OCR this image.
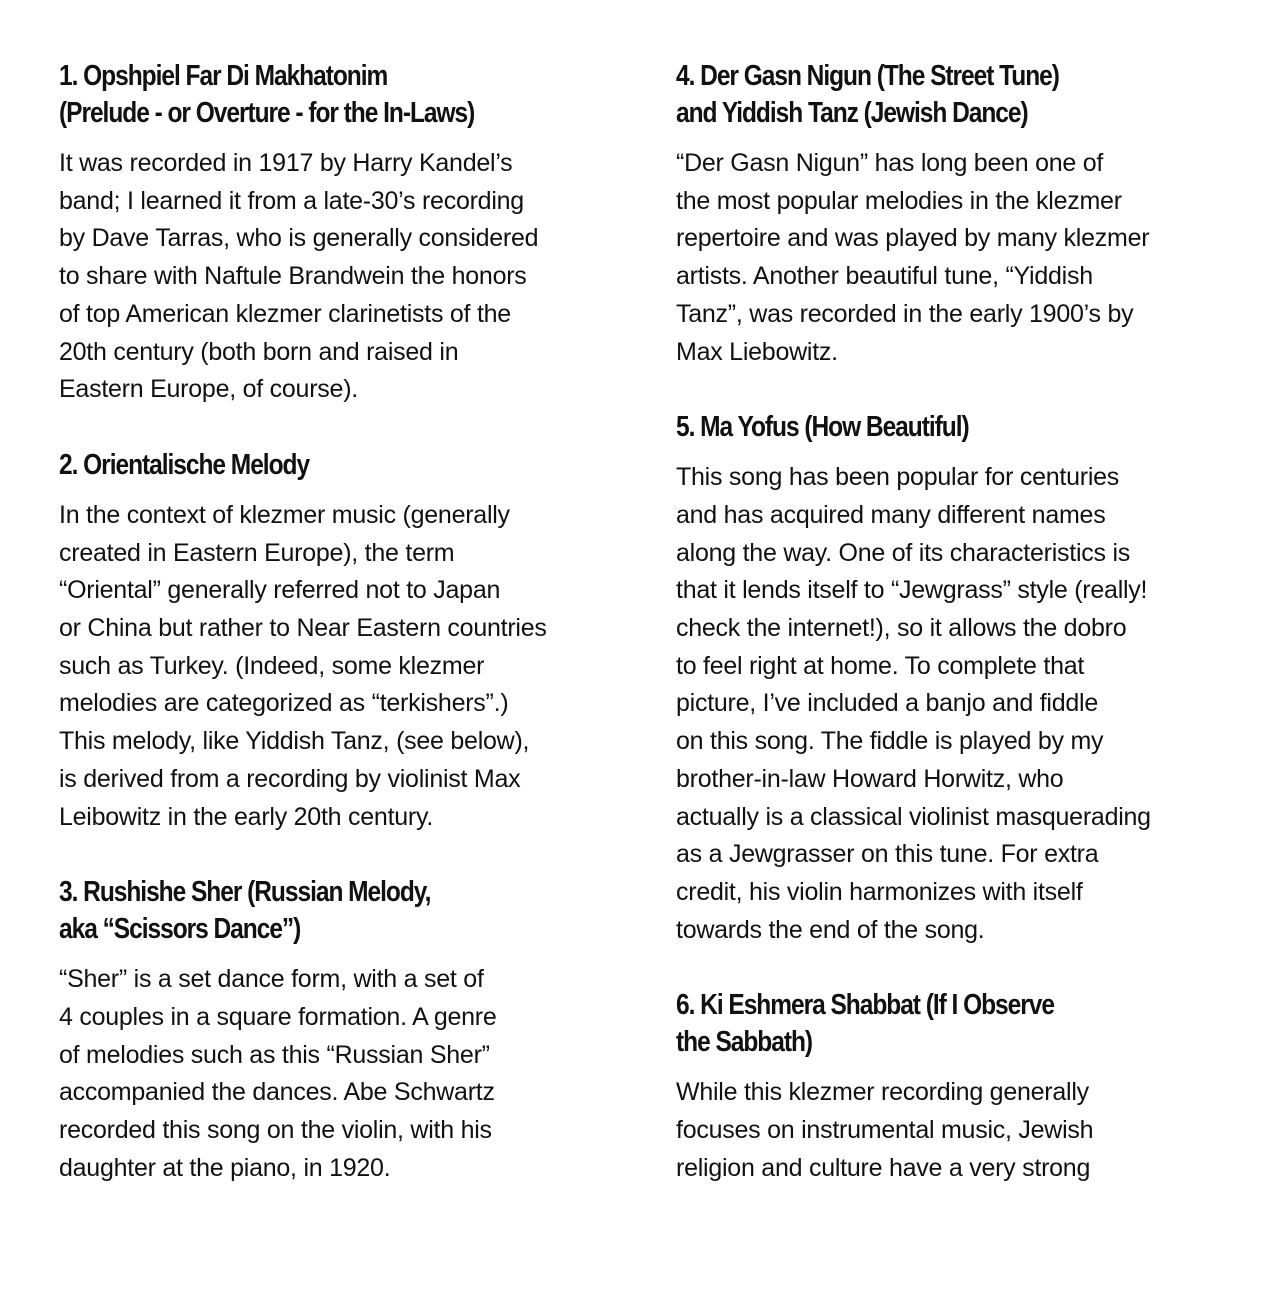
1. Opshpiel Far Di Makhatonim
(Prelude - or Overture - for the In-Laws)

It was recorded in 1917 by Harry Kandel’s
band; I learned it from a late-30’s recording
by Dave Tarras, who is generally considered
to share with Naftule Brandwein the honors
of top American klezmer clarinetists of the
20th century (both born and raised in
Eastern Europe, of course).

2. Orientalische Melody

In the context of klezmer music (generally
created in Eastern Europe), the term
“Oriental” generally referred not to Japan
or China but rather to Near Eastern countries
such as Turkey. (Indeed, some klezmer
melodies are categorized as “terkishers”.)
This melody, like Yiddish Tanz, (see below),
is derived from a recording by violinist Max
Leibowitz in the early 20th century.

3. Rushishe Sher (Russian Melody,
aka “Scissors Dance”)

“Sher” is a set dance form, with a set of
4 couples in a square formation. A genre
of melodies such as this “Russian Sher”
accompanied the dances. Abe Schwartz
recorded this song on the violin, with his
daughter at the piano, in 1920.

4. Der Gasn Nigun (The Street Tune)
and Yiddish Tanz (Jewish Dance)

“Der Gasn Nigun” has long been one of
the most popular melodies in the klezmer
repertoire and was played by many klezmer
artists. Another beautiful tune, “Yiddish
Tanz”, was recorded in the early 1900’s by
Max Liebowitz.

5. Ma Yofus (How Beautiful)

This song has been popular for centuries
and has acquired many different names
along the way. One of its characteristics is
that it lends itself to “Jewgrass” style (really!
check the internet!), so it allows the dobro
to feel right at home. To complete that
picture, I’ve included a banjo and fiddle
on this song. The fiddle is played by my
brother-in-law Howard Horwitz, who
actually is a classical violinist masquerading
as a Jewgrasser on this tune. For extra
credit, his violin harmonizes with itself
towards the end of the song.

6. Ki Eshmera Shabbat (If I Observe
the Sabbath)

While this klezmer recording generally
focuses on instrumental music, Jewish
religion and culture have a very strong
